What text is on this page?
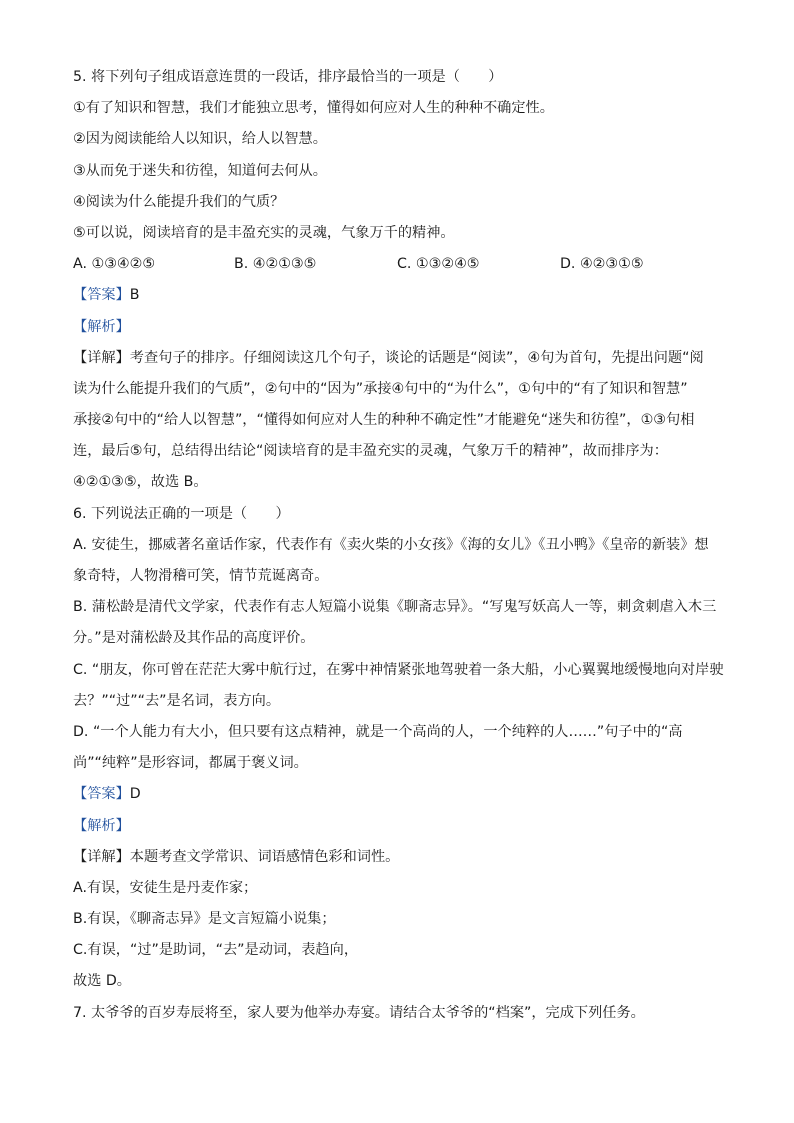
5. 将下列句子组成语意连贯的一段话，排序最恰当的一项是（　　）
①有了知识和智慧，我们才能独立思考，懂得如何应对人生的种种不确定性。
②因为阅读能给人以知识，给人以智慧。
③从而免于迷失和彷徨，知道何去何从。
④阅读为什么能提升我们的气质？
⑤可以说，阅读培育的是丰盈充实的灵魂，气象万千的精神。
A. ①③④②⑤	B. ④②①③⑤	C. ①③②④⑤	D. ④②③①⑤
【答案】B
【解析】
【详解】考查句子的排序。仔细阅读这几个句子，谈论的话题是“阅读”，④句为首句，先提出问题“阅
读为什么能提升我们的气质”，②句中的“因为”承接④句中的“为什么”，①句中的“有了知识和智慧”
承接②句中的“给人以智慧”，“懂得如何应对人生的种种不确定性”才能避免“迷失和彷徨”，①③句相
连，最后⑤句，总结得出结论“阅读培育的是丰盈充实的灵魂，气象万千的精神”，故而排序为：
④②①③⑤，故选 B。
6. 下列说法正确的一项是（　　）
A. 安徒生，挪威著名童话作家，代表作有《卖火柴的小女孩》《海的女儿》《丑小鸭》《皇帝的新装》想
象奇特，人物滑稽可笑，情节荒诞离奇。
B. 蒲松龄是清代文学家，代表作有志人短篇小说集《聊斋志异》。“写鬼写妖高人一等，刺贪刺虐入木三
分。”是对蒲松龄及其作品的高度评价。
C. “朋友，你可曾在茫茫大雾中航行过，在雾中神情紧张地驾驶着一条大船，小心翼翼地缓慢地向对岸驶
去？”“过”“去”是名词，表方向。
D. “一个人能力有大小，但只要有这点精神，就是一个高尚的人，一个纯粹的人……”句子中的“高
尚”“纯粹”是形容词，都属于褒义词。
【答案】D
【解析】
【详解】本题考查文学常识、词语感情色彩和词性。
A.有误，安徒生是丹麦作家；
B.有误，《聊斋志异》是文言短篇小说集；
C.有误，“过”是助词，“去”是动词，表趋向，
故选 D。
7. 太爷爷的百岁寿辰将至，家人要为他举办寿宴。请结合太爷爷的“档案”，完成下列任务。
